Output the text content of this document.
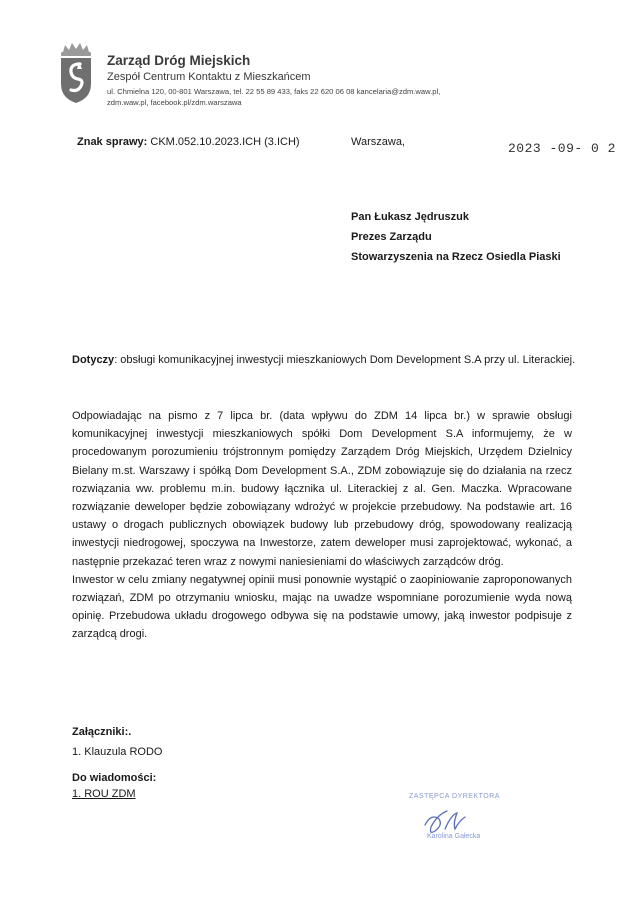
Zarząd Dróg Miejskich
Zespół Centrum Kontaktu z Mieszkańcem
ul. Chmielna 120, 00-801 Warszawa, tel. 22 55 89 433, faks 22 620 06 08 kancelaria@zdm.waw.pl,
zdm.waw.pl, facebook.pl/zdm.warszawa
Znak sprawy: CKM.052.10.2023.ICH (3.ICH)	Warszawa,	2023 -09- 0 2
Pan Łukasz Jędruszuk
Prezes Zarządu
Stowarzyszenia na Rzecz Osiedla Piaski
Dotyczy: obsługi komunikacyjnej inwestycji mieszkaniowych Dom Development S.A przy ul. Literackiej.

Odpowiadając na pismo z 7 lipca br. (data wpływu do ZDM 14 lipca br.) w sprawie obsługi komunikacyjnej inwestycji mieszkaniowych spółki Dom Development S.A informujemy, że w procedowanym porozumieniu trójstronnym pomiędzy Zarządem Dróg Miejskich, Urzędem Dzielnicy Bielany m.st. Warszawy i spółką Dom Development S.A., ZDM zobowiązuje się do działania na rzecz rozwiązania ww. problemu m.in. budowy łącznika ul. Literackiej z al. Gen. Maczka. Wpracowane rozwiązanie deweloper będzie zobowiązany wdrożyć w projekcie przebudowy. Na podstawie art. 16 ustawy o drogach publicznych obowiązek budowy lub przebudowy dróg, spowodowany realizacją inwestycji niedrogowej, spoczywa na Inwestorze, zatem deweloper musi zaprojektować, wykonać, a następnie przekazać teren wraz z nowymi naniesieniami do właściwych zarządców dróg.

Inwestor w celu zmiany negatywnej opinii musi ponownie wystąpić o zaopiniowanie zaproponowanych rozwiązań, ZDM po otrzymaniu wniosku, mając na uwadze wspomniane porozumienie wyda nową opinię. Przebudowa układu drogowego odbywa się na podstawie umowy, jaką inwestor podpisuje z zarządcą drogi.

Załączniki:.
1. Klauzula RODO
Do wiadomości:
1. ROU ZDM	ZASTĘPCA DYREKTORA
Karolina Gałecka
